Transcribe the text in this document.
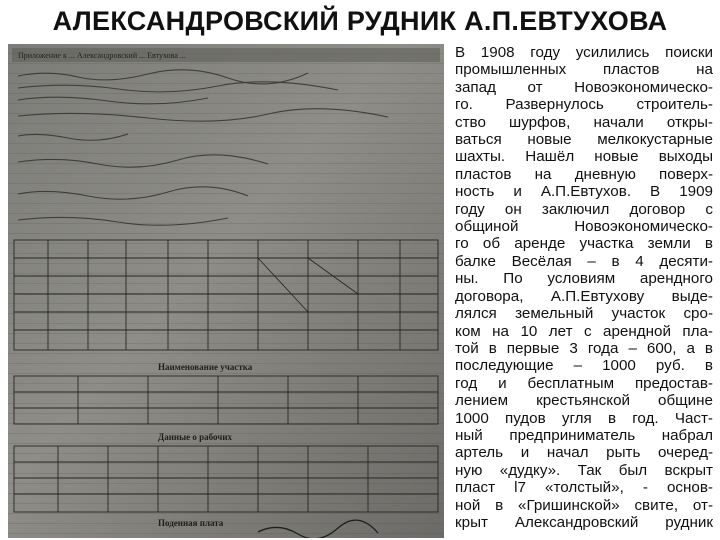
АЛЕКСАНДРОВСКИЙ РУДНИК А.П.ЕВТУХОВА
Приложение к ... Александровский ... Евтухова ...
Наименование участка
Данные о рабочих
Поденная плата
В 1908 году усилились поиски
промышленных пластов на
запад от Новоэкономическо-
го. Развернулось строитель-
ство шурфов, начали откры-
ваться новые мелкокустарные
шахты. Нашёл новые выходы
пластов на дневную поверх-
ность и А.П.Евтухов. В 1909
году он заключил договор с
общиной Новоэкономическо-
го об аренде участка земли в
балке Весёлая – в 4 десяти-
ны. По условиям арендного
договора, А.П.Евтухову выде-
лялся земельный участок сро-
ком на 10 лет с арендной пла-
той в первые 3 года – 600, а в
последующие – 1000 руб. в
год и бесплатным предостав-
лением крестьянской общине
1000 пудов угля в год. Част-
ный предприниматель набрал
артель и начал рыть очеред-
ную «дудку». Так был вскрыт
пласт l7 «толстый», - основ-
ной в «Гришинской» свите, от-
крыт Александровский рудник
